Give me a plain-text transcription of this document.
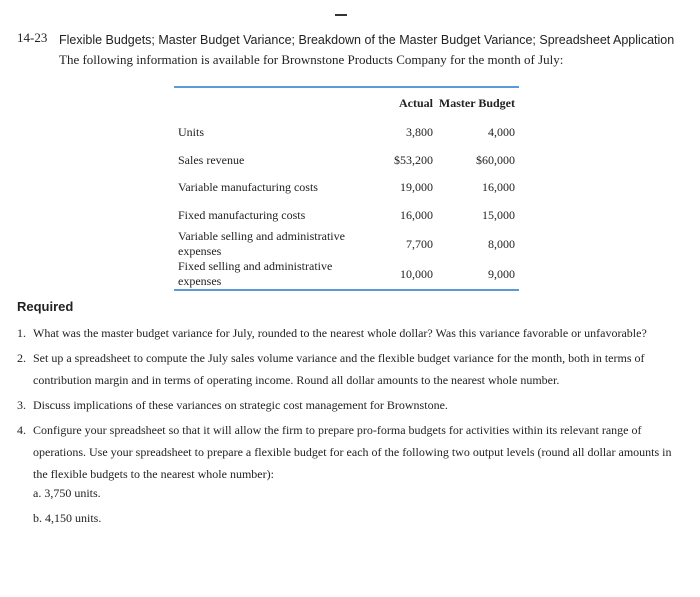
14-23 Flexible Budgets; Master Budget Variance; Breakdown of the Master Budget Variance; Spreadsheet Application The following information is available for Brownstone Products Company for the month of July:
	Actual	Master Budget
Units	3,800	4,000
Sales revenue	$53,200	$60,000
Variable manufacturing costs	19,000	16,000
Fixed manufacturing costs	16,000	15,000
Variable selling and administrative expenses	7,700	8,000
Fixed selling and administrative expenses	10,000	9,000
Required
1. What was the master budget variance for July, rounded to the nearest whole dollar? Was this variance favorable or unfavorable?
2. Set up a spreadsheet to compute the July sales volume variance and the flexible budget variance for the month, both in terms of contribution margin and in terms of operating income. Round all dollar amounts to the nearest whole number.
3. Discuss implications of these variances on strategic cost management for Brownstone.
4. Configure your spreadsheet so that it will allow the firm to prepare pro-forma budgets for activities within its relevant range of operations. Use your spreadsheet to prepare a flexible budget for each of the following two output levels (round all dollar amounts in the flexible budgets to the nearest whole number):
a. 3,750 units.
b. 4,150 units.
